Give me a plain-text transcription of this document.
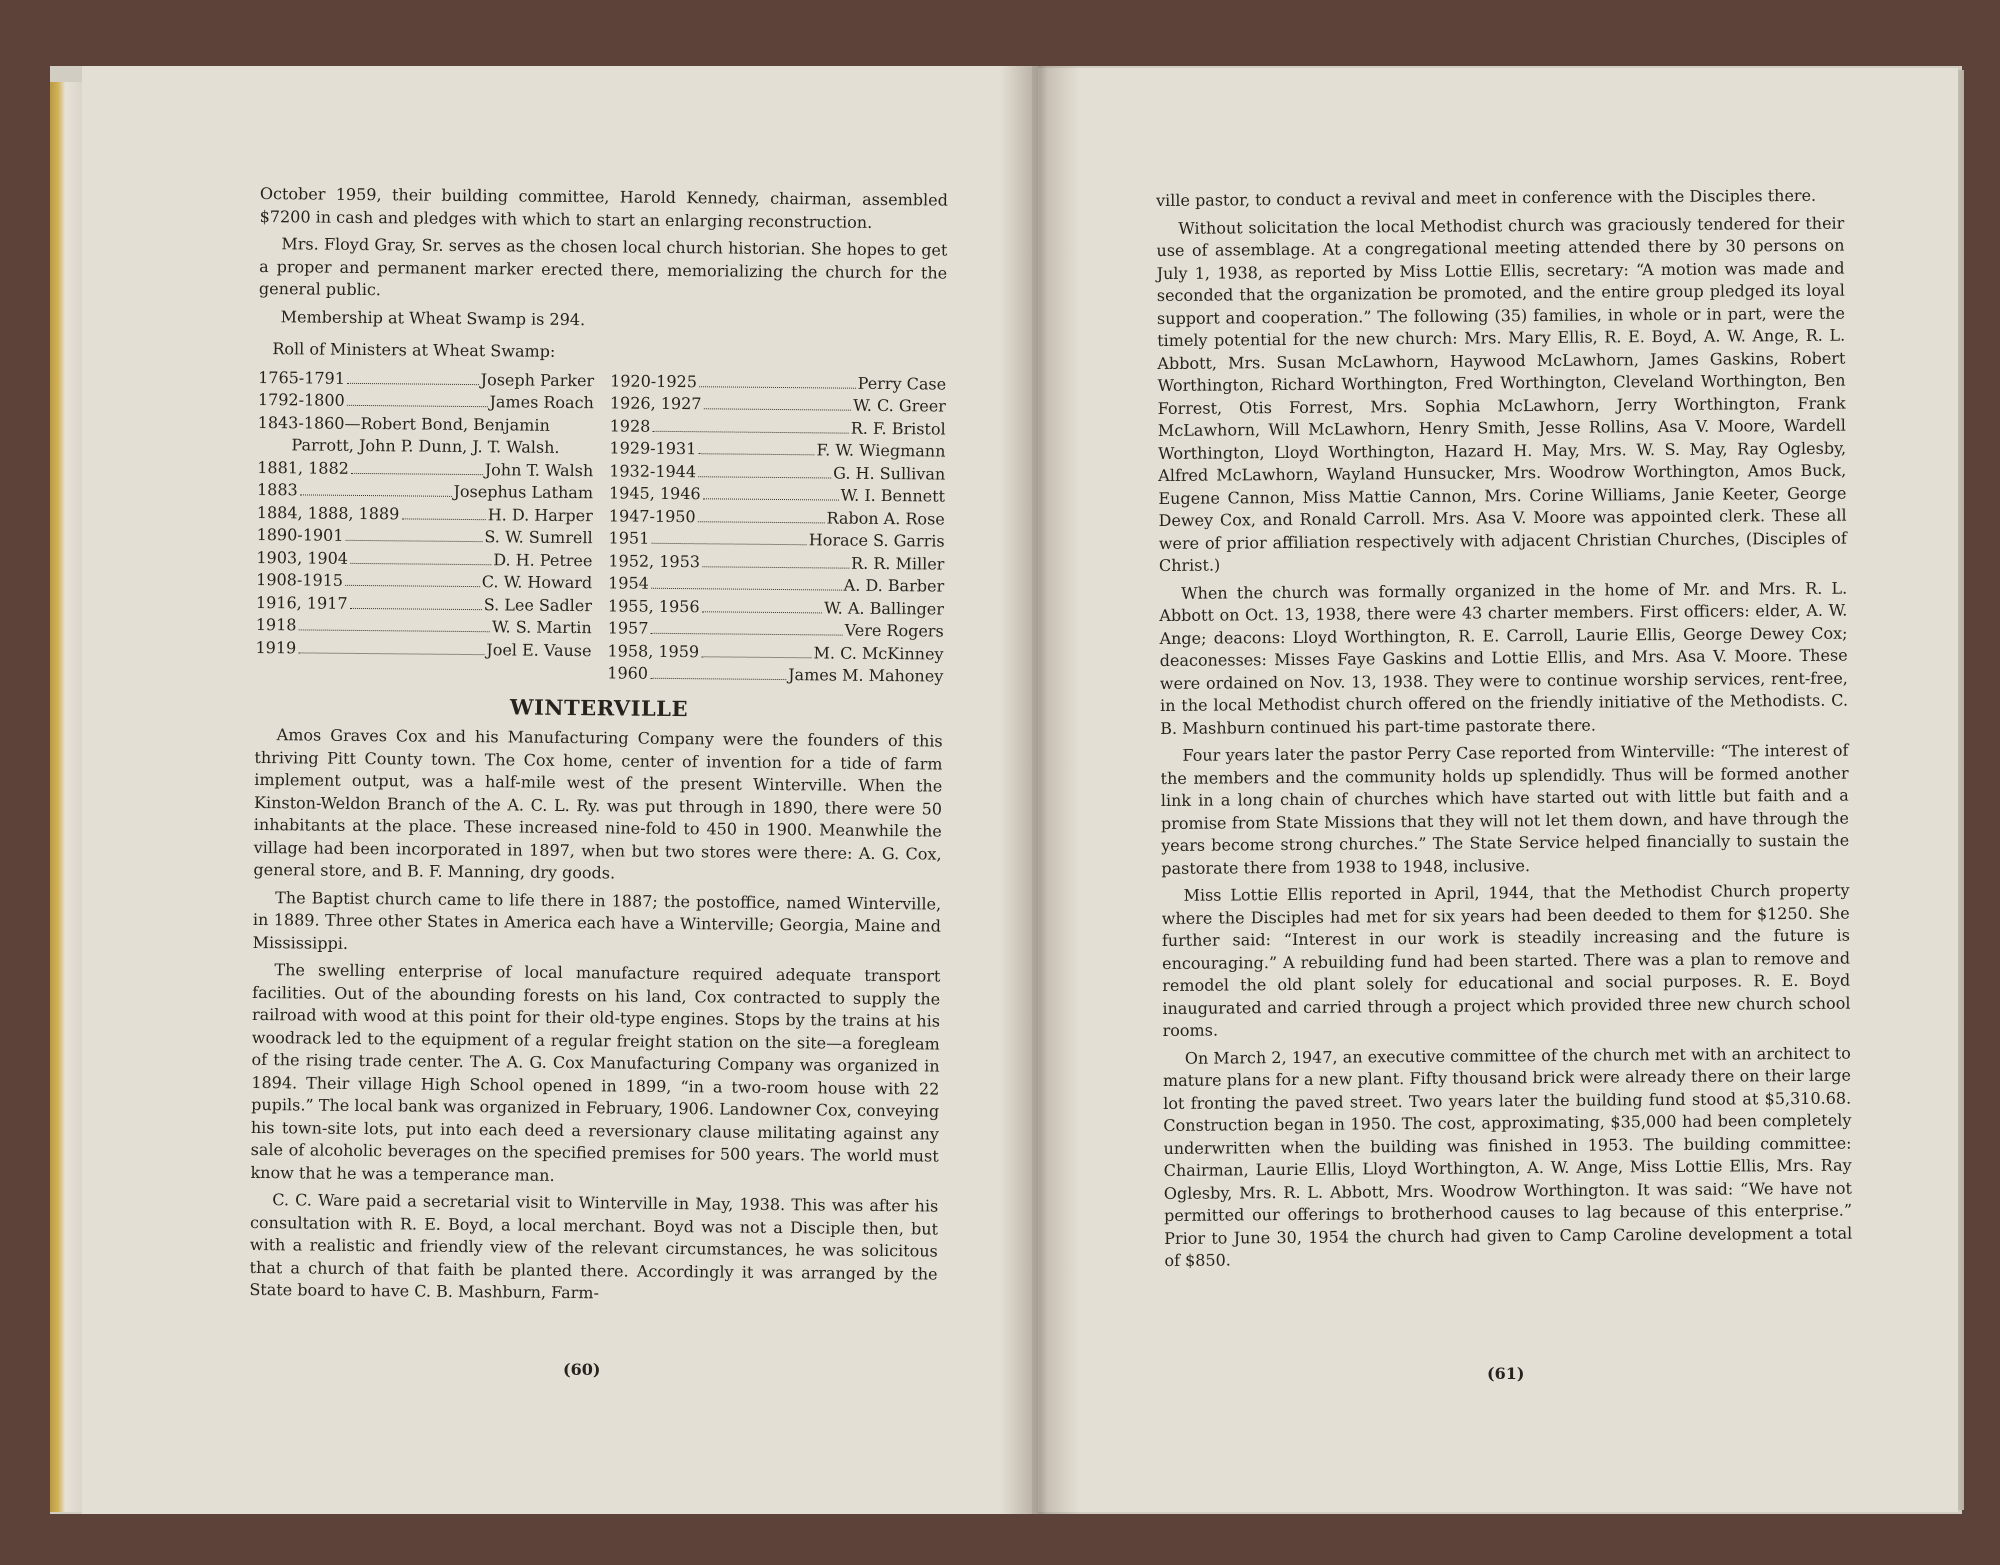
October 1959, their building committee, Harold Kennedy, chairman, assembled $7200 in cash and pledges with which to start an enlarging reconstruction.

Mrs. Floyd Gray, Sr. serves as the chosen local church historian. She hopes to get a proper and permanent marker erected there, memorializing the church for the general public.

Membership at Wheat Swamp is 294.

Roll of Ministers at Wheat Swamp:
1765-1791	Joseph Parker
1792-1800	James Roach
1843-1860—Robert Bond, Benjamin
Parrott, John P. Dunn, J. T. Walsh.
1881, 1882	John T. Walsh
1883	Josephus Latham
1884, 1888, 1889	H. D. Harper
1890-1901	S. W. Sumrell
1903, 1904	D. H. Petree
1908-1915	C. W. Howard
1916, 1917	S. Lee Sadler
1918	W. S. Martin
1919	Joel E. Vause
1920-1925	Perry Case
1926, 1927	W. C. Greer
1928	R. F. Bristol
1929-1931	F. W. Wiegmann
1932-1944	G. H. Sullivan
1945, 1946	W. I. Bennett
1947-1950	Rabon A. Rose
1951	Horace S. Garris
1952, 1953	R. R. Miller
1954	A. D. Barber
1955, 1956	W. A. Ballinger
1957	Vere Rogers
1958, 1959	M. C. McKinney
1960	James M. Mahoney
WINTERVILLE

Amos Graves Cox and his Manufacturing Company were the founders of this thriving Pitt County town. The Cox home, center of invention for a tide of farm implement output, was a half-mile west of the present Winterville. When the Kinston-Weldon Branch of the A. C. L. Ry. was put through in 1890, there were 50 inhabitants at the place. These increased nine-fold to 450 in 1900. Meanwhile the village had been incorporated in 1897, when but two stores were there: A. G. Cox, general store, and B. F. Manning, dry goods.

The Baptist church came to life there in 1887; the postoffice, named Winterville, in 1889. Three other States in America each have a Winterville; Georgia, Maine and Mississippi.

The swelling enterprise of local manufacture required adequate transport facilities. Out of the abounding forests on his land, Cox contracted to supply the railroad with wood at this point for their old-type engines. Stops by the trains at his woodrack led to the equipment of a regular freight station on the site—a foregleam of the rising trade center. The A. G. Cox Manufacturing Company was organized in 1894. Their village High School opened in 1899, “in a two-room house with 22 pupils.” The local bank was organized in February, 1906. Landowner Cox, conveying his town-site lots, put into each deed a reversionary clause militating against any sale of alcoholic beverages on the specified premises for 500 years. The world must know that he was a temperance man.

C. C. Ware paid a secretarial visit to Winterville in May, 1938. This was after his consultation with R. E. Boyd, a local merchant. Boyd was not a Disciple then, but with a realistic and friendly view of the relevant circumstances, he was solicitous that a church of that faith be planted there. Accordingly it was arranged by the State board to have C. B. Mashburn, Farm-

(60)

ville pastor, to conduct a revival and meet in conference with the Disciples there.

Without solicitation the local Methodist church was graciously tendered for their use of assemblage. At a congregational meeting attended there by 30 persons on July 1, 1938, as reported by Miss Lottie Ellis, secretary: “A motion was made and seconded that the organization be promoted, and the entire group pledged its loyal support and cooperation.” The following (35) families, in whole or in part, were the timely potential for the new church: Mrs. Mary Ellis, R. E. Boyd, A. W. Ange, R. L. Abbott, Mrs. Susan McLawhorn, Haywood McLawhorn, James Gaskins, Robert Worthington, Richard Worthington, Fred Worthington, Cleveland Worthington, Ben Forrest, Otis Forrest, Mrs. Sophia McLawhorn, Jerry Worthington, Frank McLawhorn, Will McLawhorn, Henry Smith, Jesse Rollins, Asa V. Moore, Wardell Worthington, Lloyd Worthington, Hazard H. May, Mrs. W. S. May, Ray Oglesby, Alfred McLawhorn, Wayland Hunsucker, Mrs. Woodrow Worthington, Amos Buck, Eugene Cannon, Miss Mattie Cannon, Mrs. Corine Williams, Janie Keeter, George Dewey Cox, and Ronald Carroll. Mrs. Asa V. Moore was appointed clerk. These all were of prior affiliation respectively with adjacent Christian Churches, (Disciples of Christ.)

When the church was formally organized in the home of Mr. and Mrs. R. L. Abbott on Oct. 13, 1938, there were 43 charter members. First officers: elder, A. W. Ange; deacons: Lloyd Worthington, R. E. Carroll, Laurie Ellis, George Dewey Cox; deaconesses: Misses Faye Gaskins and Lottie Ellis, and Mrs. Asa V. Moore. These were ordained on Nov. 13, 1938. They were to continue worship services, rent-free, in the local Methodist church offered on the friendly initiative of the Methodists. C. B. Mashburn continued his part-time pastorate there.

Four years later the pastor Perry Case reported from Winterville: “The interest of the members and the community holds up splendidly. Thus will be formed another link in a long chain of churches which have started out with little but faith and a promise from State Missions that they will not let them down, and have through the years become strong churches.” The State Service helped financially to sustain the pastorate there from 1938 to 1948, inclusive.

Miss Lottie Ellis reported in April, 1944, that the Methodist Church property where the Disciples had met for six years had been deeded to them for $1250. She further said: “Interest in our work is steadily increasing and the future is encouraging.” A rebuilding fund had been started. There was a plan to remove and remodel the old plant solely for educational and social purposes. R. E. Boyd inaugurated and carried through a project which provided three new church school rooms.

On March 2, 1947, an executive committee of the church met with an architect to mature plans for a new plant. Fifty thousand brick were already there on their large lot fronting the paved street. Two years later the building fund stood at $5,310.68. Construction began in 1950. The cost, approximating, $35,000 had been completely underwritten when the building was finished in 1953. The building committee: Chairman, Laurie Ellis, Lloyd Worthington, A. W. Ange, Miss Lottie Ellis, Mrs. Ray Oglesby, Mrs. R. L. Abbott, Mrs. Woodrow Worthington. It was said: “We have not permitted our offerings to brotherhood causes to lag because of this enterprise.” Prior to June 30, 1954 the church had given to Camp Caroline development a total of $850.

(61)
